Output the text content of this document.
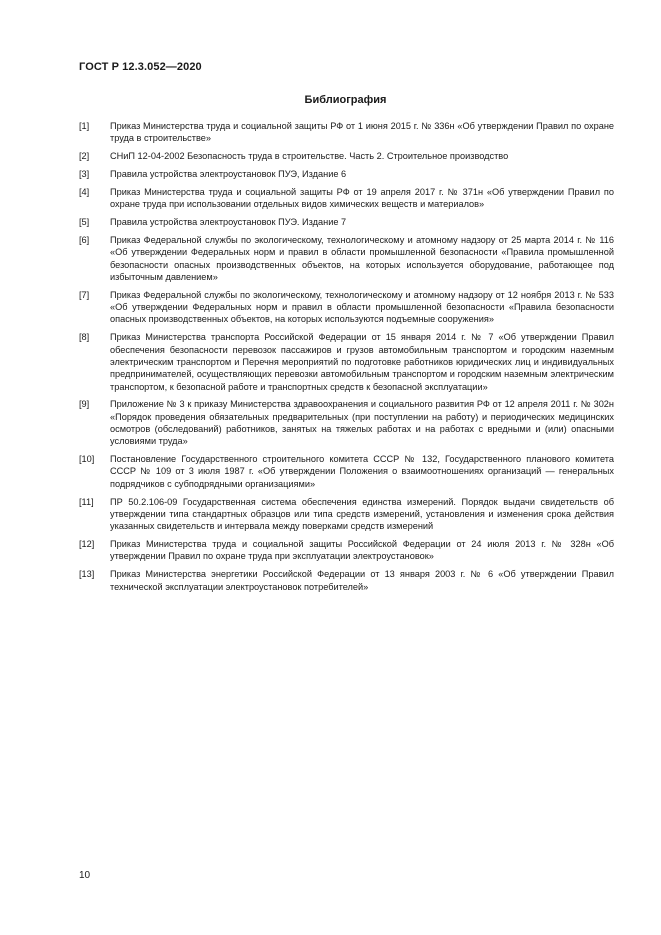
ГОСТ Р 12.3.052—2020
Библиография
[1]	Приказ Министерства труда и социальной защиты РФ от 1 июня 2015 г. № 336н «Об утверждении Правил по охране труда в строительстве»

[2]	СНиП 12-04-2002 Безопасность труда в строительстве. Часть 2. Строительное производство

[3]	Правила устройства электроустановок ПУЭ, Издание 6

[4]	Приказ Министерства труда и социальной защиты РФ от 19 апреля 2017 г. № 371н «Об утверждении Правил по охране труда при использовании отдельных видов химических веществ и материалов»

[5]	Правила устройства электроустановок ПУЭ. Издание 7

[6]	Приказ Федеральной службы по экологическому, технологическому и атомному надзору от 25 марта 2014 г. № 116 «Об утверждении Федеральных норм и правил в области промышленной безопасности «Правила промышленной безопасности опасных производственных объектов, на которых используется оборудование, работающее под избыточным давлением»

[7]	Приказ Федеральной службы по экологическому, технологическому и атомному надзору от 12 ноября 2013 г. № 533 «Об утверждении Федеральных норм и правил в области промышленной безопасности «Правила безопасности опасных производственных объектов, на которых используются подъемные сооружения»

[8]	Приказ Министерства транспорта Российской Федерации от 15 января 2014 г. № 7 «Об утверждении Правил обеспечения безопасности перевозок пассажиров и грузов автомобильным транспортом и городским наземным электрическим транспортом и Перечня мероприятий по подготовке работников юридических лиц и индивидуальных предпринимателей, осуществляющих перевозки автомобильным транспортом и городским наземным электрическим транспортом, к безопасной работе и транспортных средств к безопасной эксплуатации»

[9]	Приложение № 3 к приказу Министерства здравоохранения и социального развития РФ от 12 апреля 2011 г. № 302н «Порядок проведения обязательных предварительных (при поступлении на работу) и периодических медицинских осмотров (обследований) работников, занятых на тяжелых работах и на работах с вредными и (или) опасными условиями труда»

[10]	Постановление Государственного строительного комитета СССР № 132, Государственного планового комитета СССР № 109 от 3 июля 1987 г. «Об утверждении Положения о взаимоотношениях организаций — генеральных подрядчиков с субподрядными организациями»

[11]	ПР 50.2.106-09 Государственная система обеспечения единства измерений. Порядок выдачи свидетельств об утверждении типа стандартных образцов или типа средств измерений, установления и изменения срока действия указанных свидетельств и интервала между поверками средств измерений

[12]	Приказ Министерства труда и социальной защиты Российской Федерации от 24 июля 2013 г. № 328н «Об утверждении Правил по охране труда при эксплуатации электроустановок»

[13]	Приказ Министерства энергетики Российской Федерации от 13 января 2003 г. № 6 «Об утверждении Правил технической эксплуатации электроустановок потребителей»

10
